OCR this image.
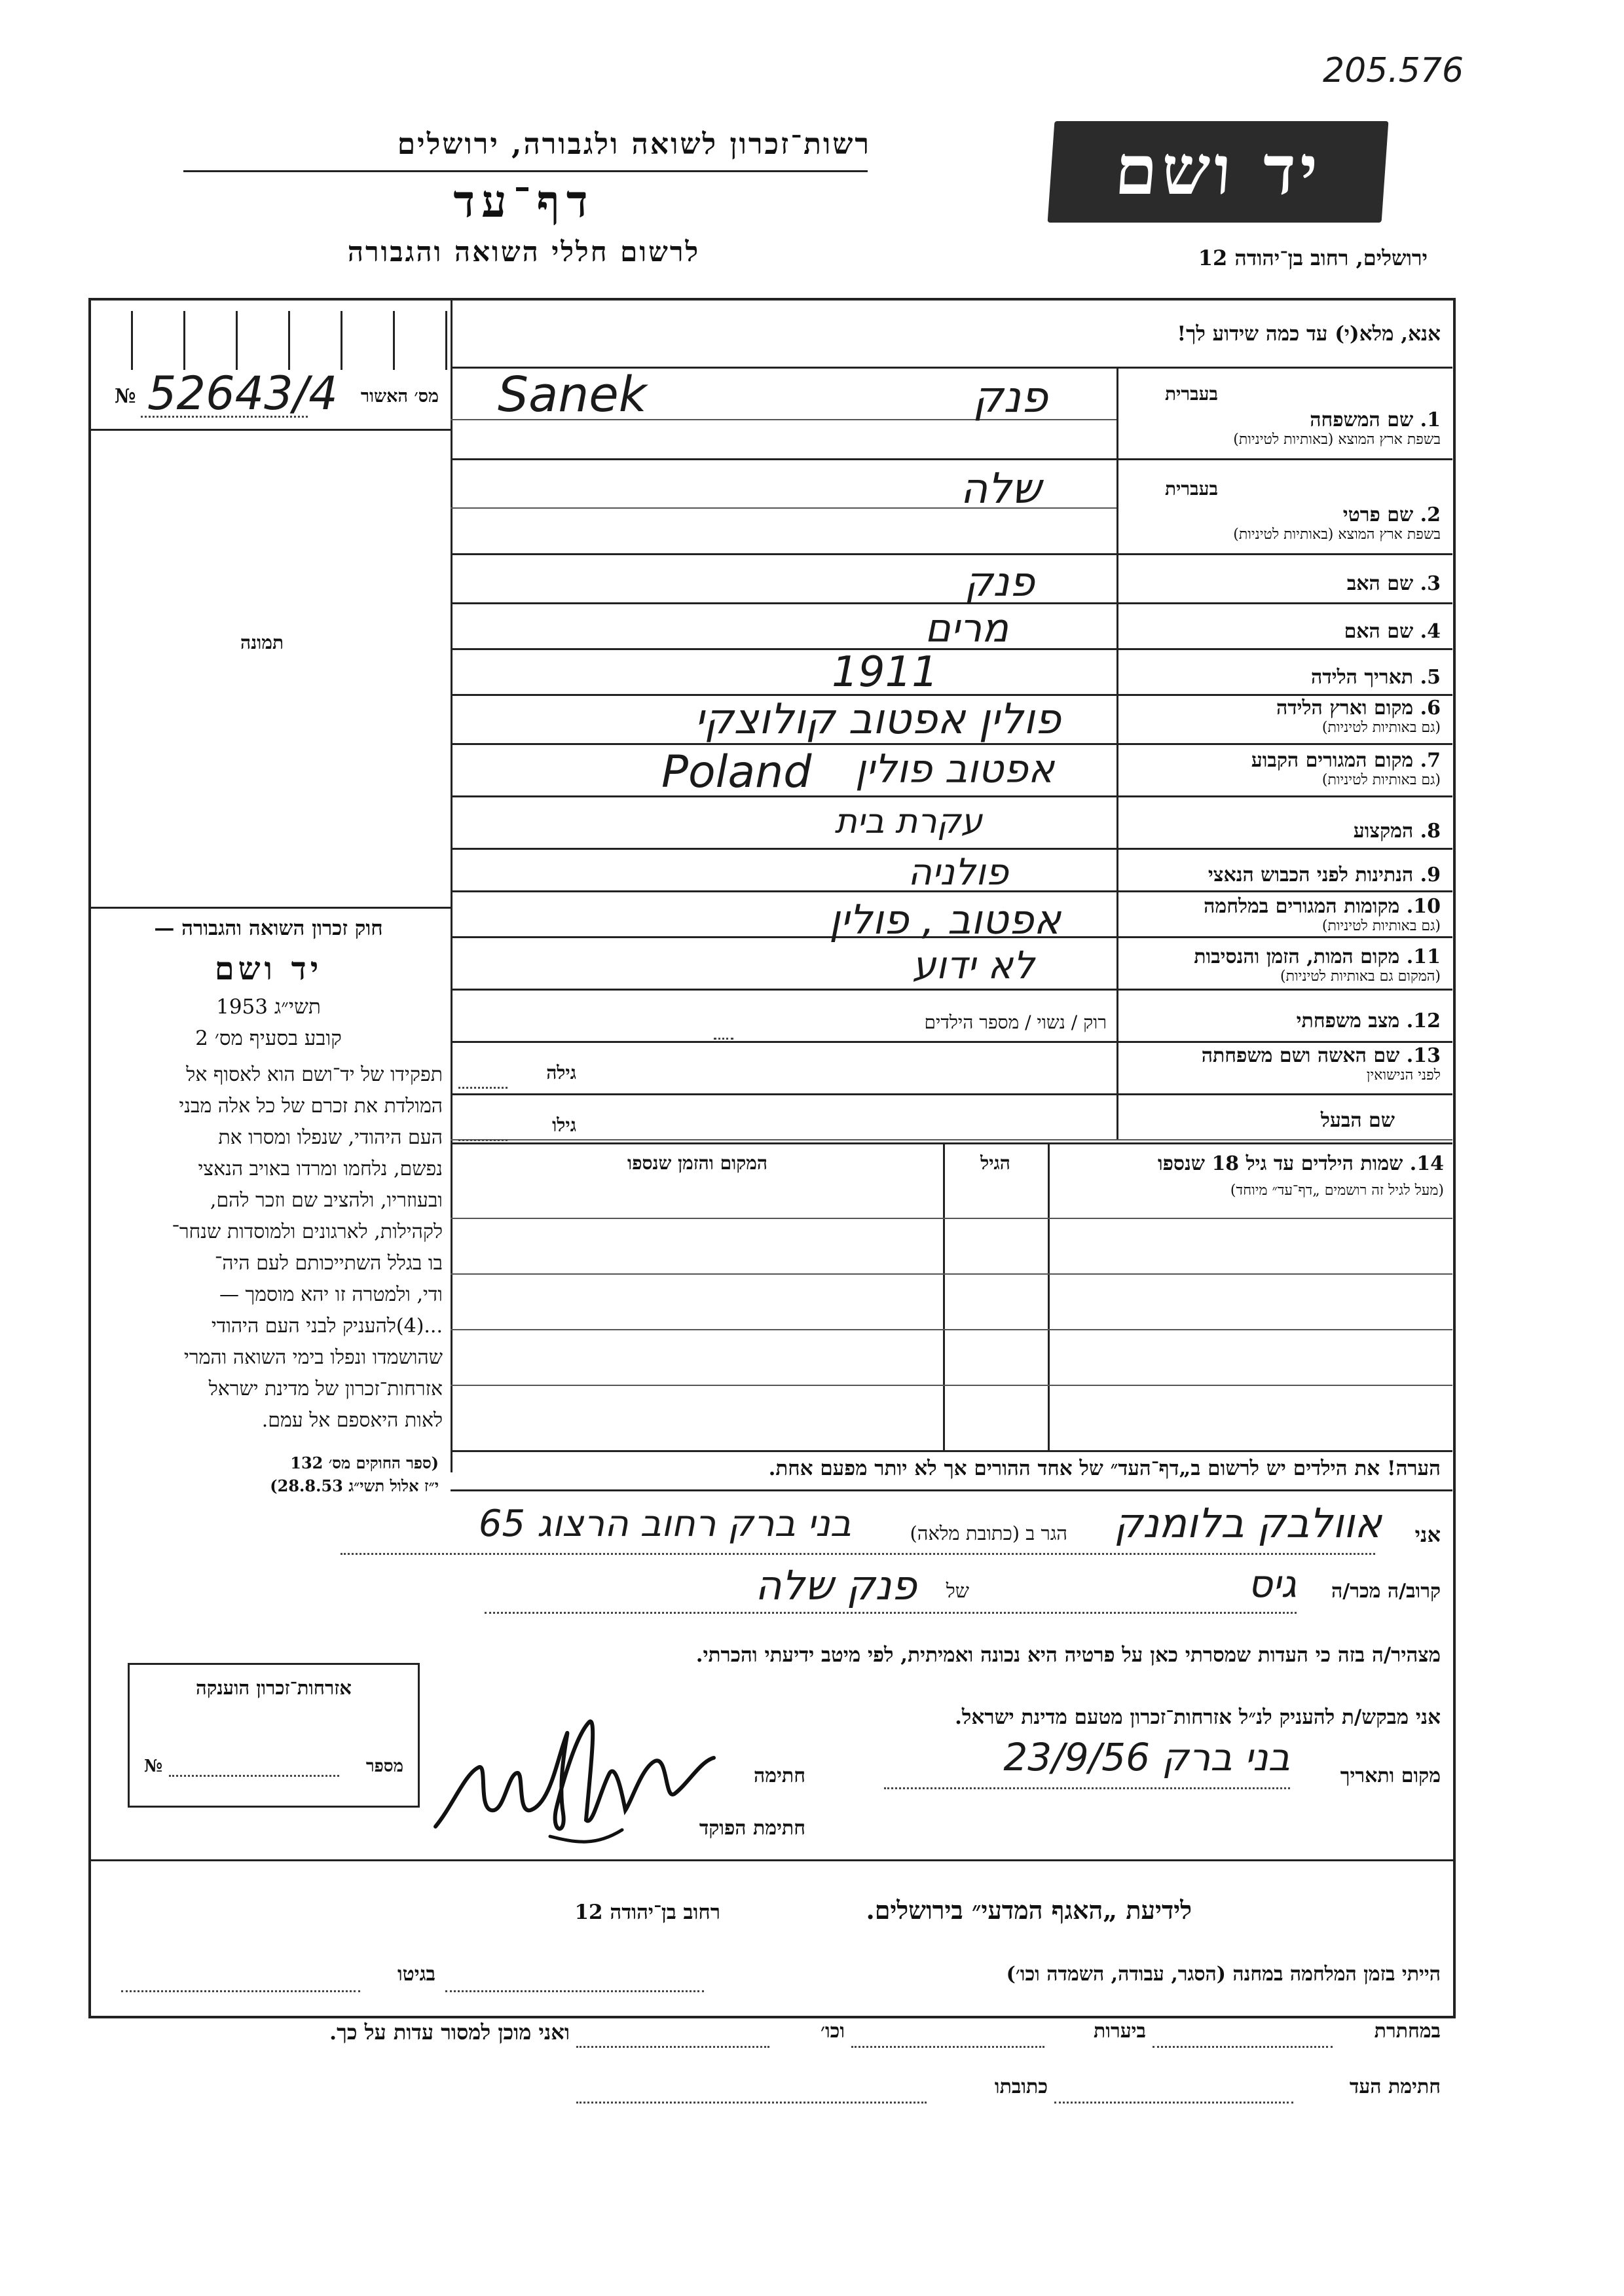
205.576
רשות־זכרון לשואה ולגבורה, ירושלים
דף־עד
לרשום חללי השואה והגבורה
יד ושם
ירושלים, רחוב בן־יהודה 12
אנא, מלא(י) עד כמה שידוע לך!
מס׳ האשור
№ 52643/4
תמונה
בעברית
1. שם המשפחה
בשפת ארץ המוצא (באותיות לטיניות)
בעברית
2. שם פרטי
בשפת ארץ המוצא (באותיות לטיניות)
3. שם האב
4. שם האם
5. תאריך הלידה
6. מקום וארץ הלידה
(גם באותיות לטיניות)
7. מקום המגורים הקבוע
(גם באותיות לטיניות)
8. המקצוע
9. הנתינות לפני הכבוש הנאצי
10. מקומות המגורים במלחמה
(גם באותיות לטיניות)
11. מקום המות, הזמן והנסיבות
(המקום גם באותיות לטיניות)
12. מצב משפחתי
13. שם האשה ושם משפחתה
לפני הנישואין
שם הבעל
רוק / נשוי / מספר הילדים
גילה
גילו
Sanek	פנק
שלה
פנק
מרים
1911
פולין אפטוב קולוצקי
Poland	אפטוב פולין
עקרת בית
פולניה
אפטוב , פולין
לא ידוע
חוק זכרון השואה והגבורה —
יד ושם
תשי״ג 1953
קובע בסעיף מס׳ 2
תפקידו של יד־ושם הוא לאסוף אל
המולדת את זכרם של כל אלה מבני
העם היהודי, שנפלו ומסרו את
נפשם, נלחמו ומרדו באויב הנאצי
ובעוזריו, ולהציב שם וזכר להם,
לקהילות, לארגונים ולמוסדות שנחר־
בו בגלל השתייכותם לעם היה־
ודי, ולמטרה זו יהא מוסמך —
...(4)להעניק לבני העם היהודי
שהושמדו ונפלו בימי השואה והמרי
אזרחות־זכרון של מדינת ישראל
לאות היאספם אל עמם.
(ספר החוקים מס׳ 132
י״ז אלול תשי״ג 28.8.53)
14. שמות הילדים עד גיל 18 שנספו
(מעל לגיל זה רושמים „דף־עד״ מיוחד)
הגיל
המקום והזמן שנספו
הערה! את הילדים יש לרשום ב„דף־העד״ של אחד ההורים אך לא יותר מפעם אחת.
אני
אוולבק בלומנק
הגר ב (כתובת מלאה)
בני ברק רחוב הרצוג 65
קרוב/ה מכר/ה
גיס
של
פנק שלה
מצהיר/ה בזה כי העדות שמסרתי כאן על פרטיה היא נכונה ואמיתית, לפי מיטב ידיעתי והכרתי.
אזרחות־זכרון הוענקה
מספר
№
אני מבקש/ת להעניק לנ״ל אזרחות־זכרון מטעם מדינת ישראל.
מקום ותאריך
בני ברק 23/9/56
חתימה
חתימת הפוקד
לידיעת „האגף המדעי״ בירושלים.
רחוב בן־יהודה 12
הייתי בזמן המלחמה במחנה (הסגר, עבודה, השמדה וכו׳)
בגיטו
במחתרת
ביערות
וכו׳
ואני מוכן למסור עדות על כך.
חתימת העד
כתובתו
